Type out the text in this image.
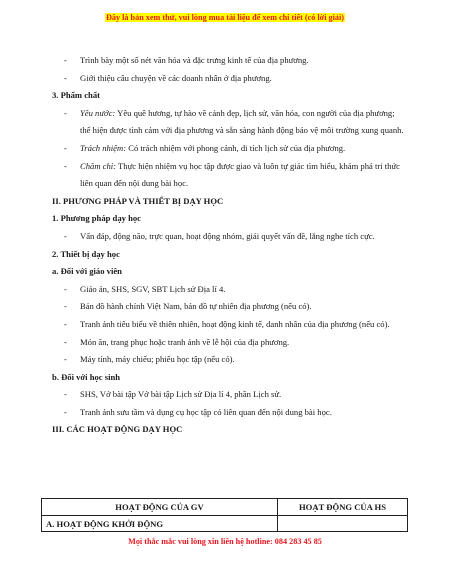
Đây là bản xem thử, vui lòng mua tài liệu để xem chi tiết (có lời giải)
- Trình bày một số nét văn hóa và đặc trưng kinh tế của địa phương.
- Giới thiệu câu chuyện về các doanh nhân ở địa phương.
3. Phẩm chất
- Yêu nước: Yêu quê hương, tự hào về cảnh đẹp, lịch sử, văn hóa, con người của địa phương; thể hiện được tình cảm với địa phương và sẵn sàng hành động bảo vệ môi trường xung quanh.
- Trách nhiệm: Có trách nhiệm với phong cảnh, di tích lịch sử của địa phương.
- Chăm chỉ: Thực hiện nhiệm vụ học tập được giao và luôn tự giác tìm hiểu, khám phá tri thức liên quan đến nội dung bài học.
II. PHƯƠNG PHÁP VÀ THIẾT BỊ DẠY HỌC
1. Phương pháp dạy học
- Vấn đáp, động não, trực quan, hoạt động nhóm, giải quyết vấn đề, lắng nghe tích cực.
2. Thiết bị dạy học
a. Đối với giáo viên
- Giáo án, SHS, SGV, SBT Lịch sử Địa lí 4.
- Bản đồ hành chính Việt Nam, bản đồ tự nhiên địa phương (nếu có).
- Tranh ảnh tiêu biểu về thiên nhiên, hoạt động kinh tế, danh nhân của địa phương (nếu có).
- Món ăn, trang phục hoặc tranh ảnh về lễ hội của địa phương.
- Máy tính, máy chiếu; phiếu học tập (nếu có).
b. Đối với học sinh
- SHS, Vở bài tập Vở bài tập Lịch sử Địa lí 4, phần Lịch sử.
- Tranh ảnh sưu tầm và dụng cụ học tập có liên quan đến nội dung bài học.
III. CÁC HOẠT ĐỘNG DẠY HỌC
HOẠT ĐỘNG CỦA GV	HOẠT ĐỘNG CỦA HS
A. HOẠT ĐỘNG KHỞI ĐỘNG	
Mọi thắc mắc vui lòng xin liên hệ hotline: 084 283 45 85
